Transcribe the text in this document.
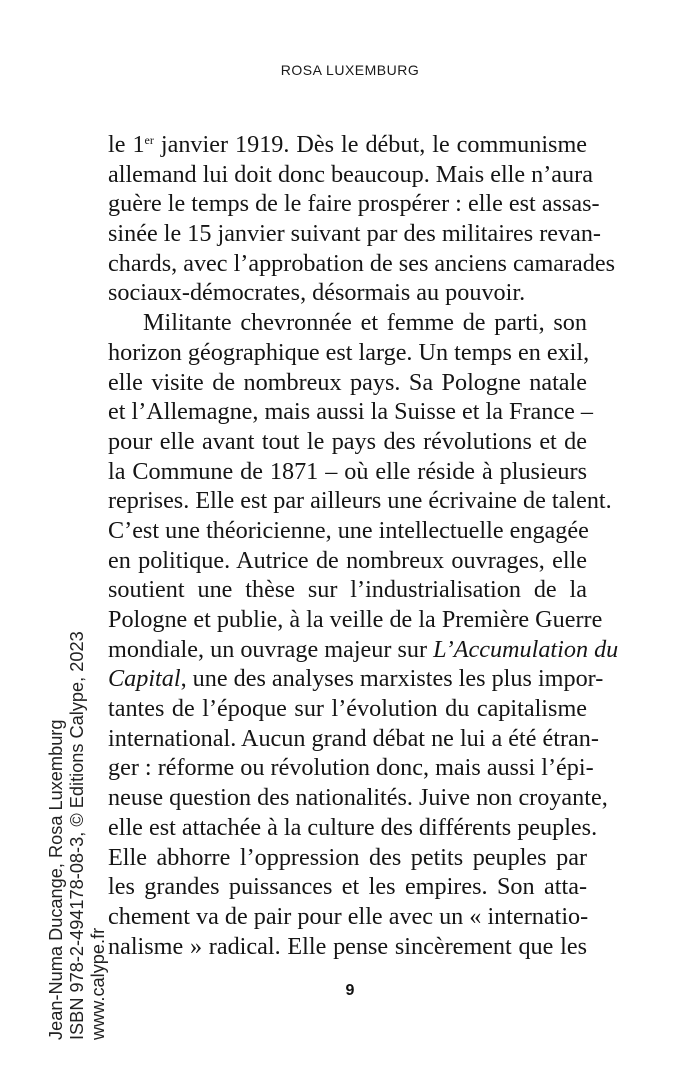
ROSA LUXEMBURG
le 1er janvier 1919. Dès le début, le communisme
allemand lui doit donc beaucoup. Mais elle n’aura
guère le temps de le faire prospérer : elle est assas-
sinée le 15 janvier suivant par des militaires revan-
chards, avec l’approbation de ses anciens camarades
sociaux-démocrates, désormais au pouvoir.
Militante chevronnée et femme de parti, son
horizon géographique est large. Un temps en exil,
elle visite de nombreux pays. Sa Pologne natale
et l’Allemagne, mais aussi la Suisse et la France –
pour elle avant tout le pays des révolutions et de
la Commune de 1871 – où elle réside à plusieurs
reprises. Elle est par ailleurs une écrivaine de talent.
C’est une théoricienne, une intellectuelle engagée
en politique. Autrice de nombreux ouvrages, elle
soutient une thèse sur l’industrialisation de la
Pologne et publie, à la veille de la Première Guerre
mondiale, un ouvrage majeur sur L’Accumulation du
Capital, une des analyses marxistes les plus impor-
tantes de l’époque sur l’évolution du capitalisme
international. Aucun grand débat ne lui a été étran-
ger : réforme ou révolution donc, mais aussi l’épi-
neuse question des nationalités. Juive non croyante,
elle est attachée à la culture des différents peuples.
Elle abhorre l’oppression des petits peuples par
les grandes puissances et les empires. Son atta-
chement va de pair pour elle avec un « internatio-
nalisme » radical. Elle pense sincèrement que les
Jean-Numa Ducange, Rosa Luxemburg ISBN 978-2-494178-08-3, © Editions Calype, 2023 www.calype.fr	9
